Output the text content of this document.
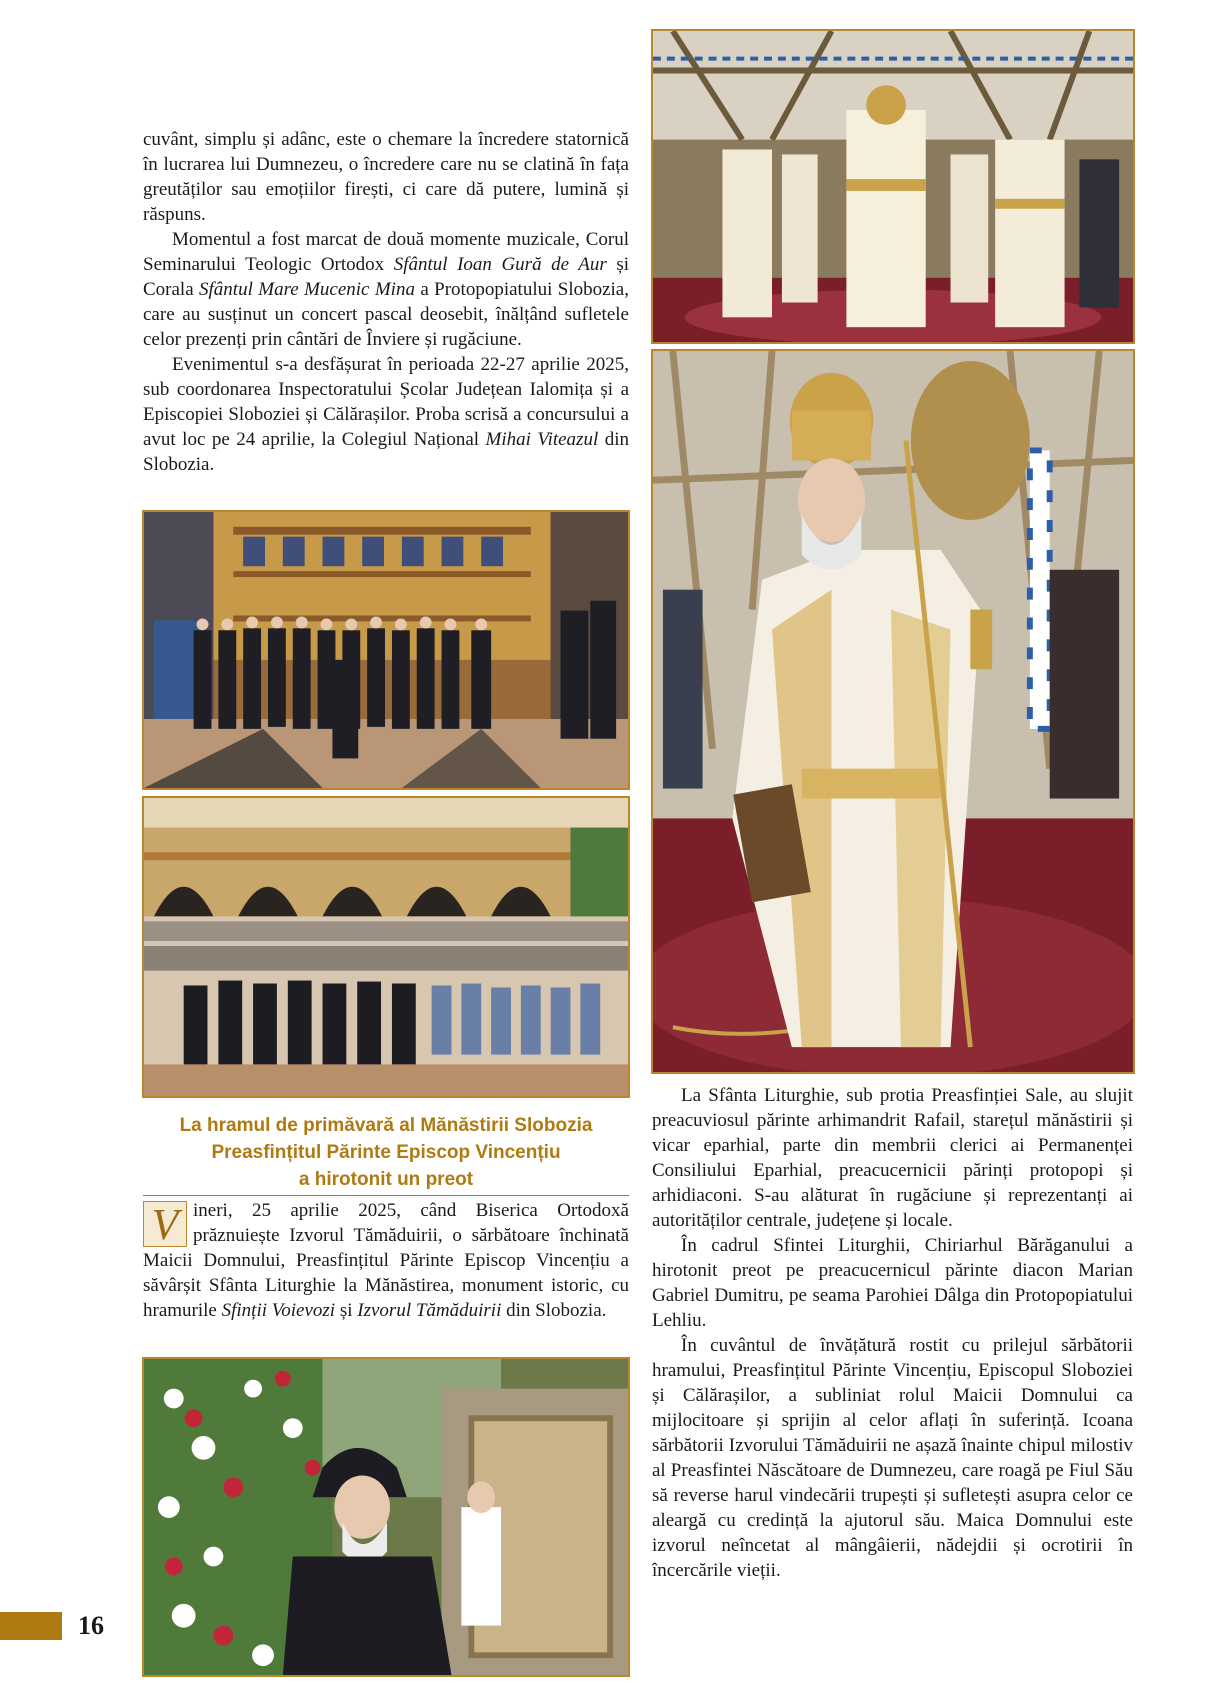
cuvânt, simplu și adânc, este o chemare la încredere statornică în lucrarea lui Dumnezeu, o încredere care nu se clatină în fața greutăților sau emoțiilor firești, ci care dă putere, lumină și răspuns.

Momentul a fost marcat de două momente muzicale, Corul Seminarului Teologic Ortodox Sfântul Ioan Gură de Aur și Corala Sfântul Mare Mucenic Mina a Protopopiatului Slobozia, care au susținut un concert pascal deosebit, înălțând sufletele celor prezenți prin cântări de Înviere și rugăciune.

Evenimentul s-a desfășurat în perioada 22-27 aprilie 2025, sub coordonarea Inspectoratului Școlar Județean Ialomița și a Episcopiei Sloboziei și Călărașilor. Proba scrisă a concursului a avut loc pe 24 aprilie, la Colegiul Național Mihai Viteazul din Slobozia.

La hramul de primăvară al Mănăstirii Slobozia
Preasfințitul Părinte Episcop Vincențiu
a hirotonit un preot

V ineri, 25 aprilie 2025, când Biserica Ortodoxă prăznuiește Izvorul Tămăduirii, o sărbătoare închinată Maicii Domnului, Preasfințitul Părinte Episcop Vincențiu a săvârșit Sfânta Liturghie la Mănăstirea, monument istoric, cu hramurile Sfinții Voievozi și Izvorul Tămăduirii din Slobozia.

La Sfânta Liturghie, sub protia Preasfinției Sale, au slujit preacuviosul părinte arhimandrit Rafail, starețul mănăstirii și vicar eparhial, parte din membrii clerici ai Permanenței Consiliului Eparhial, preacucernicii părinți protopopi și arhidiaconi. S-au alăturat în rugăciune și reprezentanți ai autorităților centrale, județene și locale.

În cadrul Sfintei Liturghii, Chiriarhul Bărăganului a hirotonit preot pe preacucernicul părinte diacon Marian Gabriel Dumitru, pe seama Parohiei Dâlga din Protopopiatului Lehliu.

În cuvântul de învățătură rostit cu prilejul sărbătorii hramului, Preasfințitul Părinte Vincențiu, Episcopul Sloboziei și Călărașilor, a subliniat rolul Maicii Domnului ca mijlocitoare și sprijin al celor aflați în suferință. Icoana sărbătorii Izvorului Tămăduirii ne așază înainte chipul milostiv al Preasfintei Născătoare de Dumnezeu, care roagă pe Fiul Său să reverse harul vindecării trupești și sufletești asupra celor ce aleargă cu credință la ajutorul său. Maica Domnului este izvorul neîncetat al mângâierii, nădejdii și ocrotirii în încercările vieții.

16
